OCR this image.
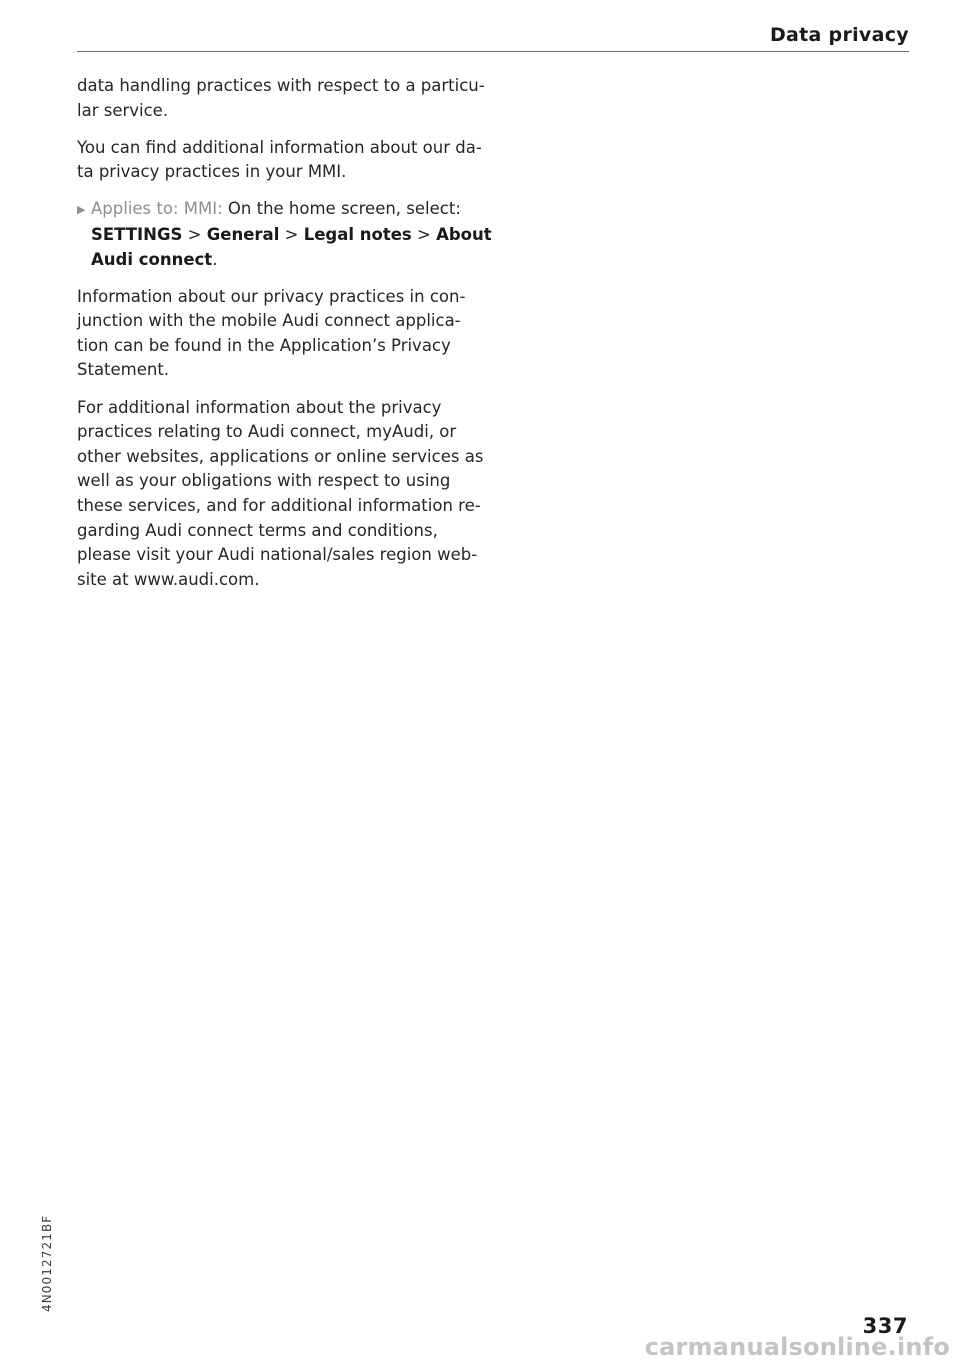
Data privacy

data handling practices with respect to a particu- lar service.

You can find additional information about our da- ta privacy practices in your MMI.

▶ Applies to: MMI: On the home screen, select: SETTINGS > General > Legal notes > About Audi connect.

Information about our privacy practices in con- junction with the mobile Audi connect applica- tion can be found in the Application’s Privacy Statement.

For additional information about the privacy practices relating to Audi connect, myAudi, or other websites, applications or online services as well as your obligations with respect to using these services, and for additional information re- garding Audi connect terms and conditions, please visit your Audi national/sales region web- site at www.audi.com.

4N0012721BF
337
carmanualsonline.info
